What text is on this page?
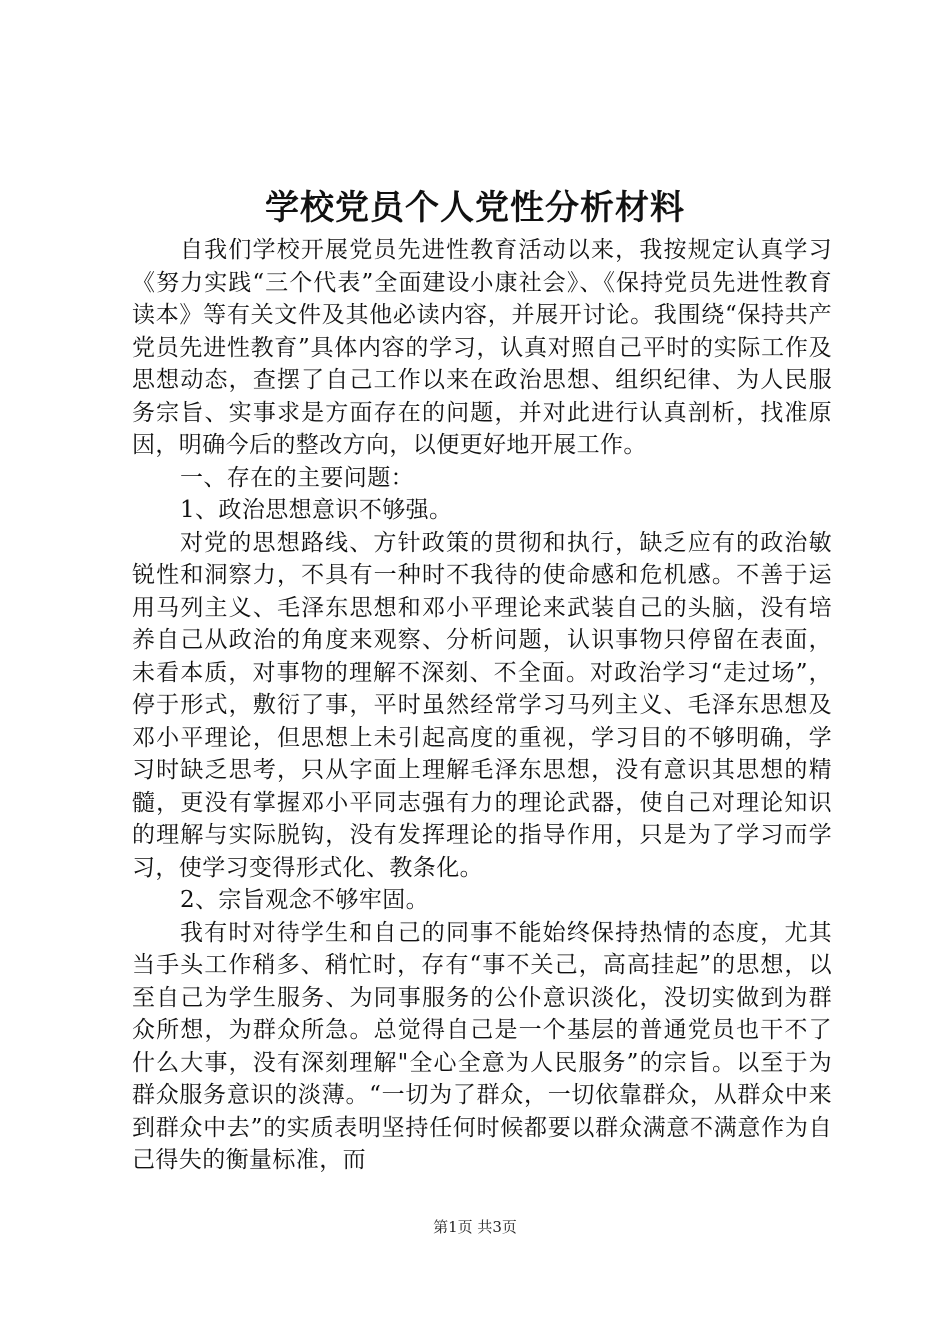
学校党员个人党性分析材料

自我们学校开展党员先进性教育活动以来，我按规定认真学习《努力实践“三个代表”全面建设小康社会》、《保持党员先进性教育读本》等有关文件及其他必读内容，并展开讨论。我围绕“保持共产党员先进性教育”具体内容的学习，认真对照自己平时的实际工作及思想动态，查摆了自己工作以来在政治思想、组织纪律、为人民服务宗旨、实事求是方面存在的问题，并对此进行认真剖析，找准原因，明确今后的整改方向，以便更好地开展工作。

一、存在的主要问题：

1、政治思想意识不够强。

对党的思想路线、方针政策的贯彻和执行，缺乏应有的政治敏锐性和洞察力，不具有一种时不我待的使命感和危机感。不善于运用马列主义、毛泽东思想和邓小平理论来武装自己的头脑，没有培养自己从政治的角度来观察、分析问题，认识事物只停留在表面，未看本质，对事物的理解不深刻、不全面。对政治学习“走过场”，停于形式，敷衍了事，平时虽然经常学习马列主义、毛泽东思想及邓小平理论，但思想上未引起高度的重视，学习目的不够明确，学习时缺乏思考，只从字面上理解毛泽东思想，没有意识其思想的精髓，更没有掌握邓小平同志强有力的理论武器，使自己对理论知识的理解与实际脱钩，没有发挥理论的指导作用，只是为了学习而学习，使学习变得形式化、教条化。

2、宗旨观念不够牢固。

我有时对待学生和自己的同事不能始终保持热情的态度，尤其当手头工作稍多、稍忙时，存有“事不关己，高高挂起”的思想，以至自己为学生服务、为同事服务的公仆意识淡化，没切实做到为群众所想，为群众所急。总觉得自己是一个基层的普通党员也干不了什么大事，没有深刻理解"全心全意为人民服务”的宗旨。以至于为群众服务意识的淡薄。“一切为了群众，一切依靠群众，从群众中来到群众中去”的实质表明坚持任何时候都要以群众满意不满意作为自己得失的衡量标准，而

第1页 共3页
